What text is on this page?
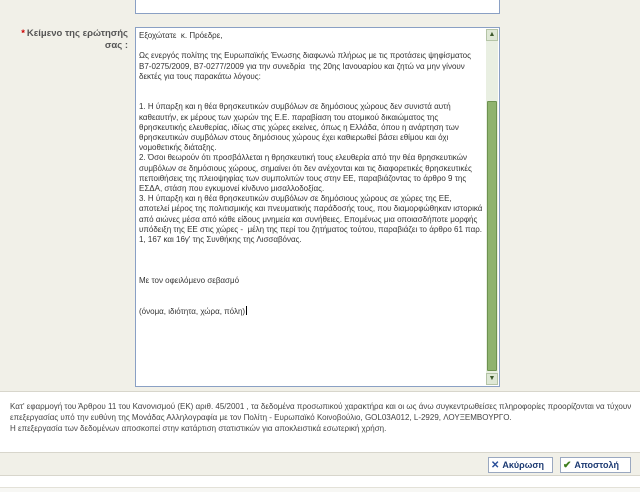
* Κείμενο της ερώτησής σας :
Εξοχώτατε  κ. Πρόεδρε,

Ως ενεργός πολίτης της Ευρωπαϊκής Ένωσης διαφωνώ πλήρως με τις προτάσεις ψηφίσματος Β7-0275/2009, Β7-0277/2009 για την συνεδρία  της 20ης Ιανουαρίου και ζητώ να μην γίνουν δεκτές για τους παρακάτω λόγους:

1. Η ύπαρξη και η θέα θρησκευτικών συμβόλων σε δημόσιους χώρους δεν συνιστά αυτή καθεαυτήν, εκ μέρους των χωρών της Ε.Ε. παραβίαση του ατομικού δικαιώματος της θρησκευτικής ελευθερίας, ιδίως στις χώρες εκείνες, όπως η Ελλάδα, όπου η ανάρτηση των θρησκευτικών συμβόλων στους δημόσιους χώρους έχει καθιερωθεί βάσει εθίμου και όχι νομοθετικής διάταξης.
2. Όσοι θεωρούν ότι προσβάλλεται η θρησκευτική τους ελευθερία από την θέα θρησκευτικών συμβόλων σε δημόσιους χώρους, σημαίνει ότι δεν ανέχονται και τις διαφορετικές θρησκευτικές πεποιθήσεις της πλειοψηφίας των συμπολιτών τους στην ΕΕ, παραβιάζοντας το άρθρο 9 της ΕΣΔΑ, στάση που εγκυμονεί κίνδυνο μισαλλοδοξίας.
3. Η ύπαρξη και η θέα θρησκευτικών συμβόλων σε δημόσιους χώρους σε χώρες της ΕΕ, αποτελεί μέρος της πολιτισμικής και πνευματικής παράδοσής τους, που διαμορφώθηκαν ιστορικά από αιώνες μέσα από κάθε είδους μνημεία και συνήθειες. Επομένως μια οποιασδήποτε μορφής υπόδειξη της ΕΕ στις χώρες -  μέλη της περί του ζητήματος τούτου, παραβιάζει το άρθρο 61 παρ. 1, 167 και 16γ' της Συνθήκης της Λισσαβόνας.

Με τον οφειλόμενο σεβασμό

(όνομα, ιδιότητα, χώρα, πόλη)
▲
▼

Κατ' εφαρμογή του Άρθρου 11 του Κανονισμού (ΕΚ) αριθ. 45/2001 , τα δεδομένα προσωπικού χαρακτήρα και οι ως άνω συγκεντρωθείσες πληροφορίες προορίζονται να τύχουν επεξεργασίας υπό την ευθύνη της Μονάδας Αλληλογραφία με τον Πολίτη - Ευρωπαϊκό Κοινοβούλιο, GOL03A012, L-2929, ΛΟΥΞΕΜΒΟΥΡΓΟ.

Η επεξεργασία των δεδομένων αποσκοπεί στην κατάρτιση στατιστικών για αποκλειστικά εσωτερική χρήση.

✕ Ακύρωση ✔ Αποστολή
